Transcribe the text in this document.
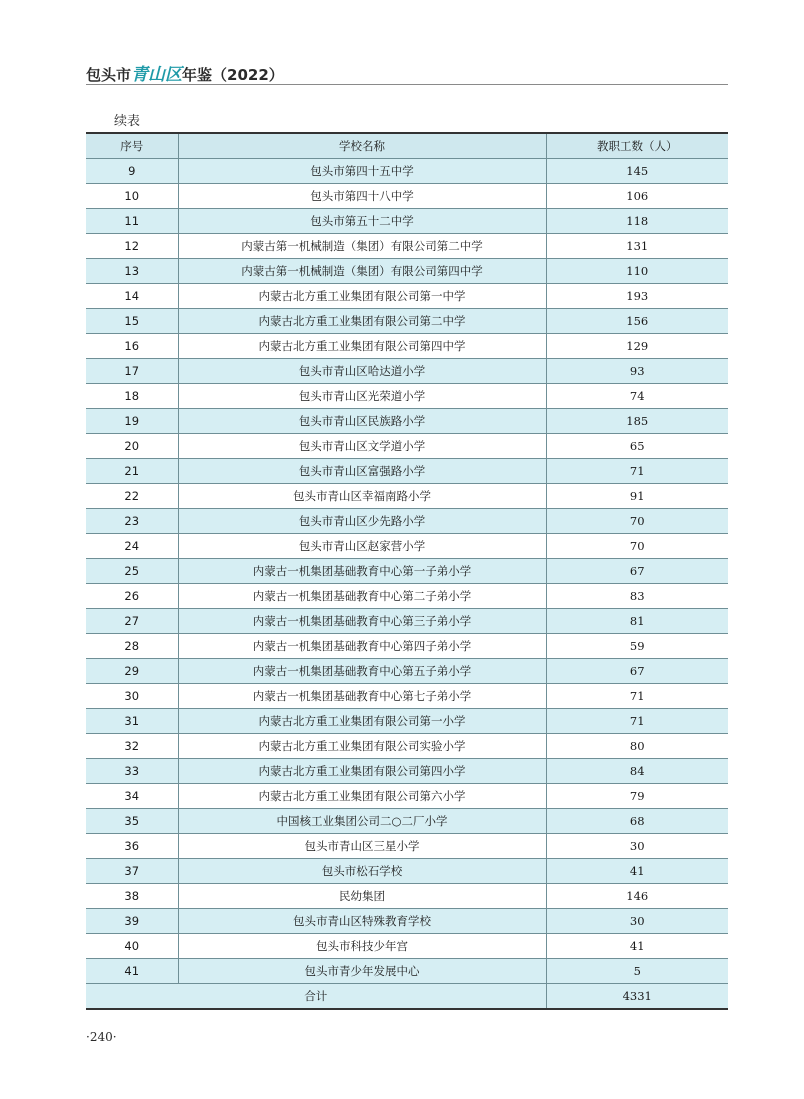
包头市青山区年鉴（2022）
续表
序号	学校名称	教职工数（人）
9	包头市第四十五中学	145
10	包头市第四十八中学	106
11	包头市第五十二中学	118
12	内蒙古第一机械制造（集团）有限公司第二中学	131
13	内蒙古第一机械制造（集团）有限公司第四中学	110
14	内蒙古北方重工业集团有限公司第一中学	193
15	内蒙古北方重工业集团有限公司第二中学	156
16	内蒙古北方重工业集团有限公司第四中学	129
17	包头市青山区哈达道小学	93
18	包头市青山区光荣道小学	74
19	包头市青山区民族路小学	185
20	包头市青山区文学道小学	65
21	包头市青山区富强路小学	71
22	包头市青山区幸福南路小学	91
23	包头市青山区少先路小学	70
24	包头市青山区赵家营小学	70
25	内蒙古一机集团基础教育中心第一子弟小学	67
26	内蒙古一机集团基础教育中心第二子弟小学	83
27	内蒙古一机集团基础教育中心第三子弟小学	81
28	内蒙古一机集团基础教育中心第四子弟小学	59
29	内蒙古一机集团基础教育中心第五子弟小学	67
30	内蒙古一机集团基础教育中心第七子弟小学	71
31	内蒙古北方重工业集团有限公司第一小学	71
32	内蒙古北方重工业集团有限公司实验小学	80
33	内蒙古北方重工业集团有限公司第四小学	84
34	内蒙古北方重工业集团有限公司第六小学	79
35	中国核工业集团公司二○二厂小学	68
36	包头市青山区三星小学	30
37	包头市松石学校	41
38	民幼集团	146
39	包头市青山区特殊教育学校	30
40	包头市科技少年宫	41
41	包头市青少年发展中心	5
合计		4331
·240·
